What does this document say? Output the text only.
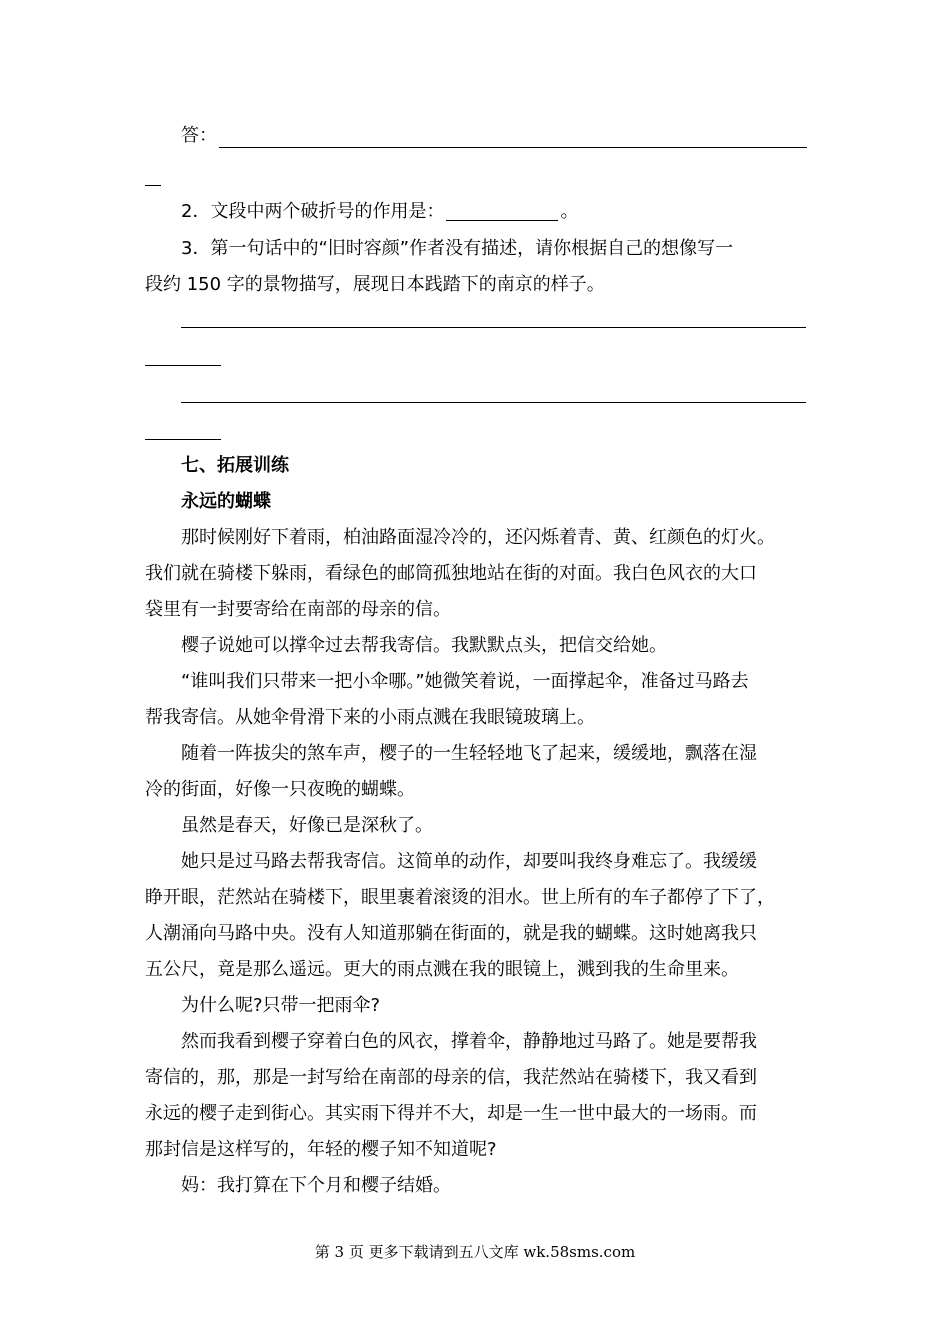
答：
2．文段中两个破折号的作用是：	。
3．第一句话中的“旧时容颜”作者没有描述，请你根据自己的想像写一
段约 150 字的景物描写，展现日本践踏下的南京的样子。
七、拓展训练
永远的蝴蝶
那时候刚好下着雨，柏油路面湿冷冷的，还闪烁着青、黄、红颜色的灯火。
我们就在骑楼下躲雨，看绿色的邮筒孤独地站在街的对面。我白色风衣的大口
袋里有一封要寄给在南部的母亲的信。
樱子说她可以撑伞过去帮我寄信。我默默点头，把信交给她。
“谁叫我们只带来一把小伞哪。”她微笑着说，一面撑起伞，准备过马路去
帮我寄信。从她伞骨滑下来的小雨点溅在我眼镜玻璃上。
随着一阵拔尖的煞车声，樱子的一生轻轻地飞了起来，缓缓地，飘落在湿
冷的街面，好像一只夜晚的蝴蝶。
虽然是春天，好像已是深秋了。
她只是过马路去帮我寄信。这简单的动作，却要叫我终身难忘了。我缓缓
睁开眼，茫然站在骑楼下，眼里裹着滚烫的泪水。世上所有的车子都停了下了，
人潮涌向马路中央。没有人知道那躺在街面的，就是我的蝴蝶。这时她离我只
五公尺，竟是那么遥远。更大的雨点溅在我的眼镜上，溅到我的生命里来。
为什么呢?只带一把雨伞?
然而我看到樱子穿着白色的风衣，撑着伞，静静地过马路了。她是要帮我
寄信的，那，那是一封写给在南部的母亲的信，我茫然站在骑楼下，我又看到
永远的樱子走到街心。其实雨下得并不大，却是一生一世中最大的一场雨。而
那封信是这样写的，年轻的樱子知不知道呢?
妈：我打算在下个月和樱子结婚。
第 3 页 更多下载请到五八文库 wk.58sms.com
